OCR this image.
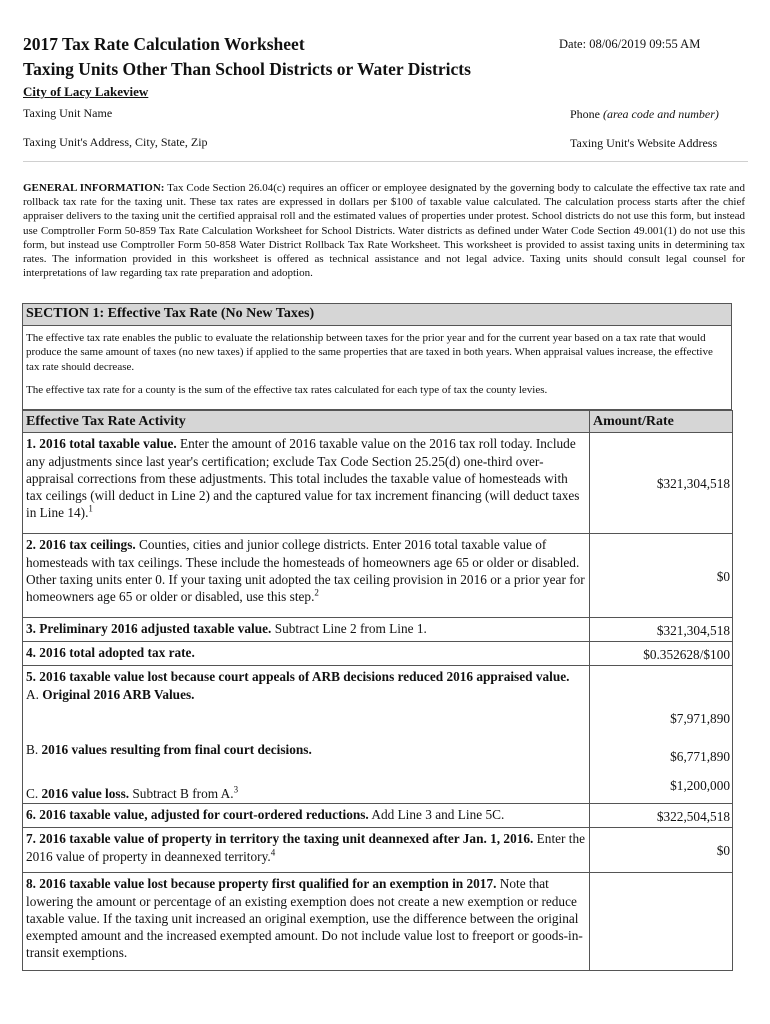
2017 Tax Rate Calculation Worksheet	Date: 08/06/2019 09:55 AM
Taxing Units Other Than School Districts or Water Districts
City of Lacy Lakeview
Taxing Unit Name	Phone (area code and number)
Taxing Unit's Address, City, State, Zip	Taxing Unit's Website Address
GENERAL INFORMATION: Tax Code Section 26.04(c) requires an officer or employee designated by the governing body to calculate the effective tax rate and rollback tax rate for the taxing unit. These tax rates are expressed in dollars per $100 of taxable value calculated. The calculation process starts after the chief appraiser delivers to the taxing unit the certified appraisal roll and the estimated values of properties under protest. School districts do not use this form, but instead use Comptroller Form 50-859 Tax Rate Calculation Worksheet for School Districts. Water districts as defined under Water Code Section 49.001(1) do not use this form, but instead use Comptroller Form 50-858 Water District Rollback Tax Rate Worksheet. This worksheet is provided to assist taxing units in determining tax rates. The information provided in this worksheet is offered as technical assistance and not legal advice. Taxing units should consult legal counsel for interpretations of law regarding tax rate preparation and adoption.
SECTION 1: Effective Tax Rate (No New Taxes)

The effective tax rate enables the public to evaluate the relationship between taxes for the prior year and for the current year based on a tax rate that would produce the same amount of taxes (no new taxes) if applied to the same properties that are taxed in both years. When appraisal values increase, the effective tax rate should decrease.

The effective tax rate for a county is the sum of the effective tax rates calculated for each type of tax the county levies.

Effective Tax Rate Activity	Amount/Rate
1. 2016 total taxable value. Enter the amount of 2016 taxable value on the 2016 tax roll today. Include any adjustments since last year's certification; exclude Tax Code Section 25.25(d) one-third over-appraisal corrections from these adjustments. This total includes the taxable value of homesteads with tax ceilings (will deduct in Line 2) and the captured value for tax increment financing (will deduct taxes in Line 14).$^1$	$321,304,518
2. 2016 tax ceilings. Counties, cities and junior college districts. Enter 2016 total taxable value of homesteads with tax ceilings. These include the homesteads of homeowners age 65 or older or disabled. Other taxing units enter 0. If your taxing unit adopted the tax ceiling provision in 2016 or a prior year for homeowners age 65 or older or disabled, use this step.$^2$	$0
3. Preliminary 2016 adjusted taxable value. Subtract Line 2 from Line 1.	$321,304,518
4. 2016 total adopted tax rate.	$0.352628/$100
5. 2016 taxable value lost because court appeals of ARB decisions reduced 2016 appraised value.
A. Original 2016 ARB Values.	$7,971,890
B. 2016 values resulting from final court decisions.	$6,771,890
C. 2016 value loss. Subtract B from A.$^3$	$1,200,000
6. 2016 taxable value, adjusted for court-ordered reductions. Add Line 3 and Line 5C.	$322,504,518
7. 2016 taxable value of property in territory the taxing unit deannexed after Jan. 1, 2016. Enter the 2016 value of property in deannexed territory.$^4$	$0
8. 2016 taxable value lost because property first qualified for an exemption in 2017. Note that lowering the amount or percentage of an existing exemption does not create a new exemption or reduce taxable value. If the taxing unit increased an original exemption, use the difference between the original exempted amount and the increased exempted amount. Do not include value lost to freeport or goods-in-transit exemptions.	
